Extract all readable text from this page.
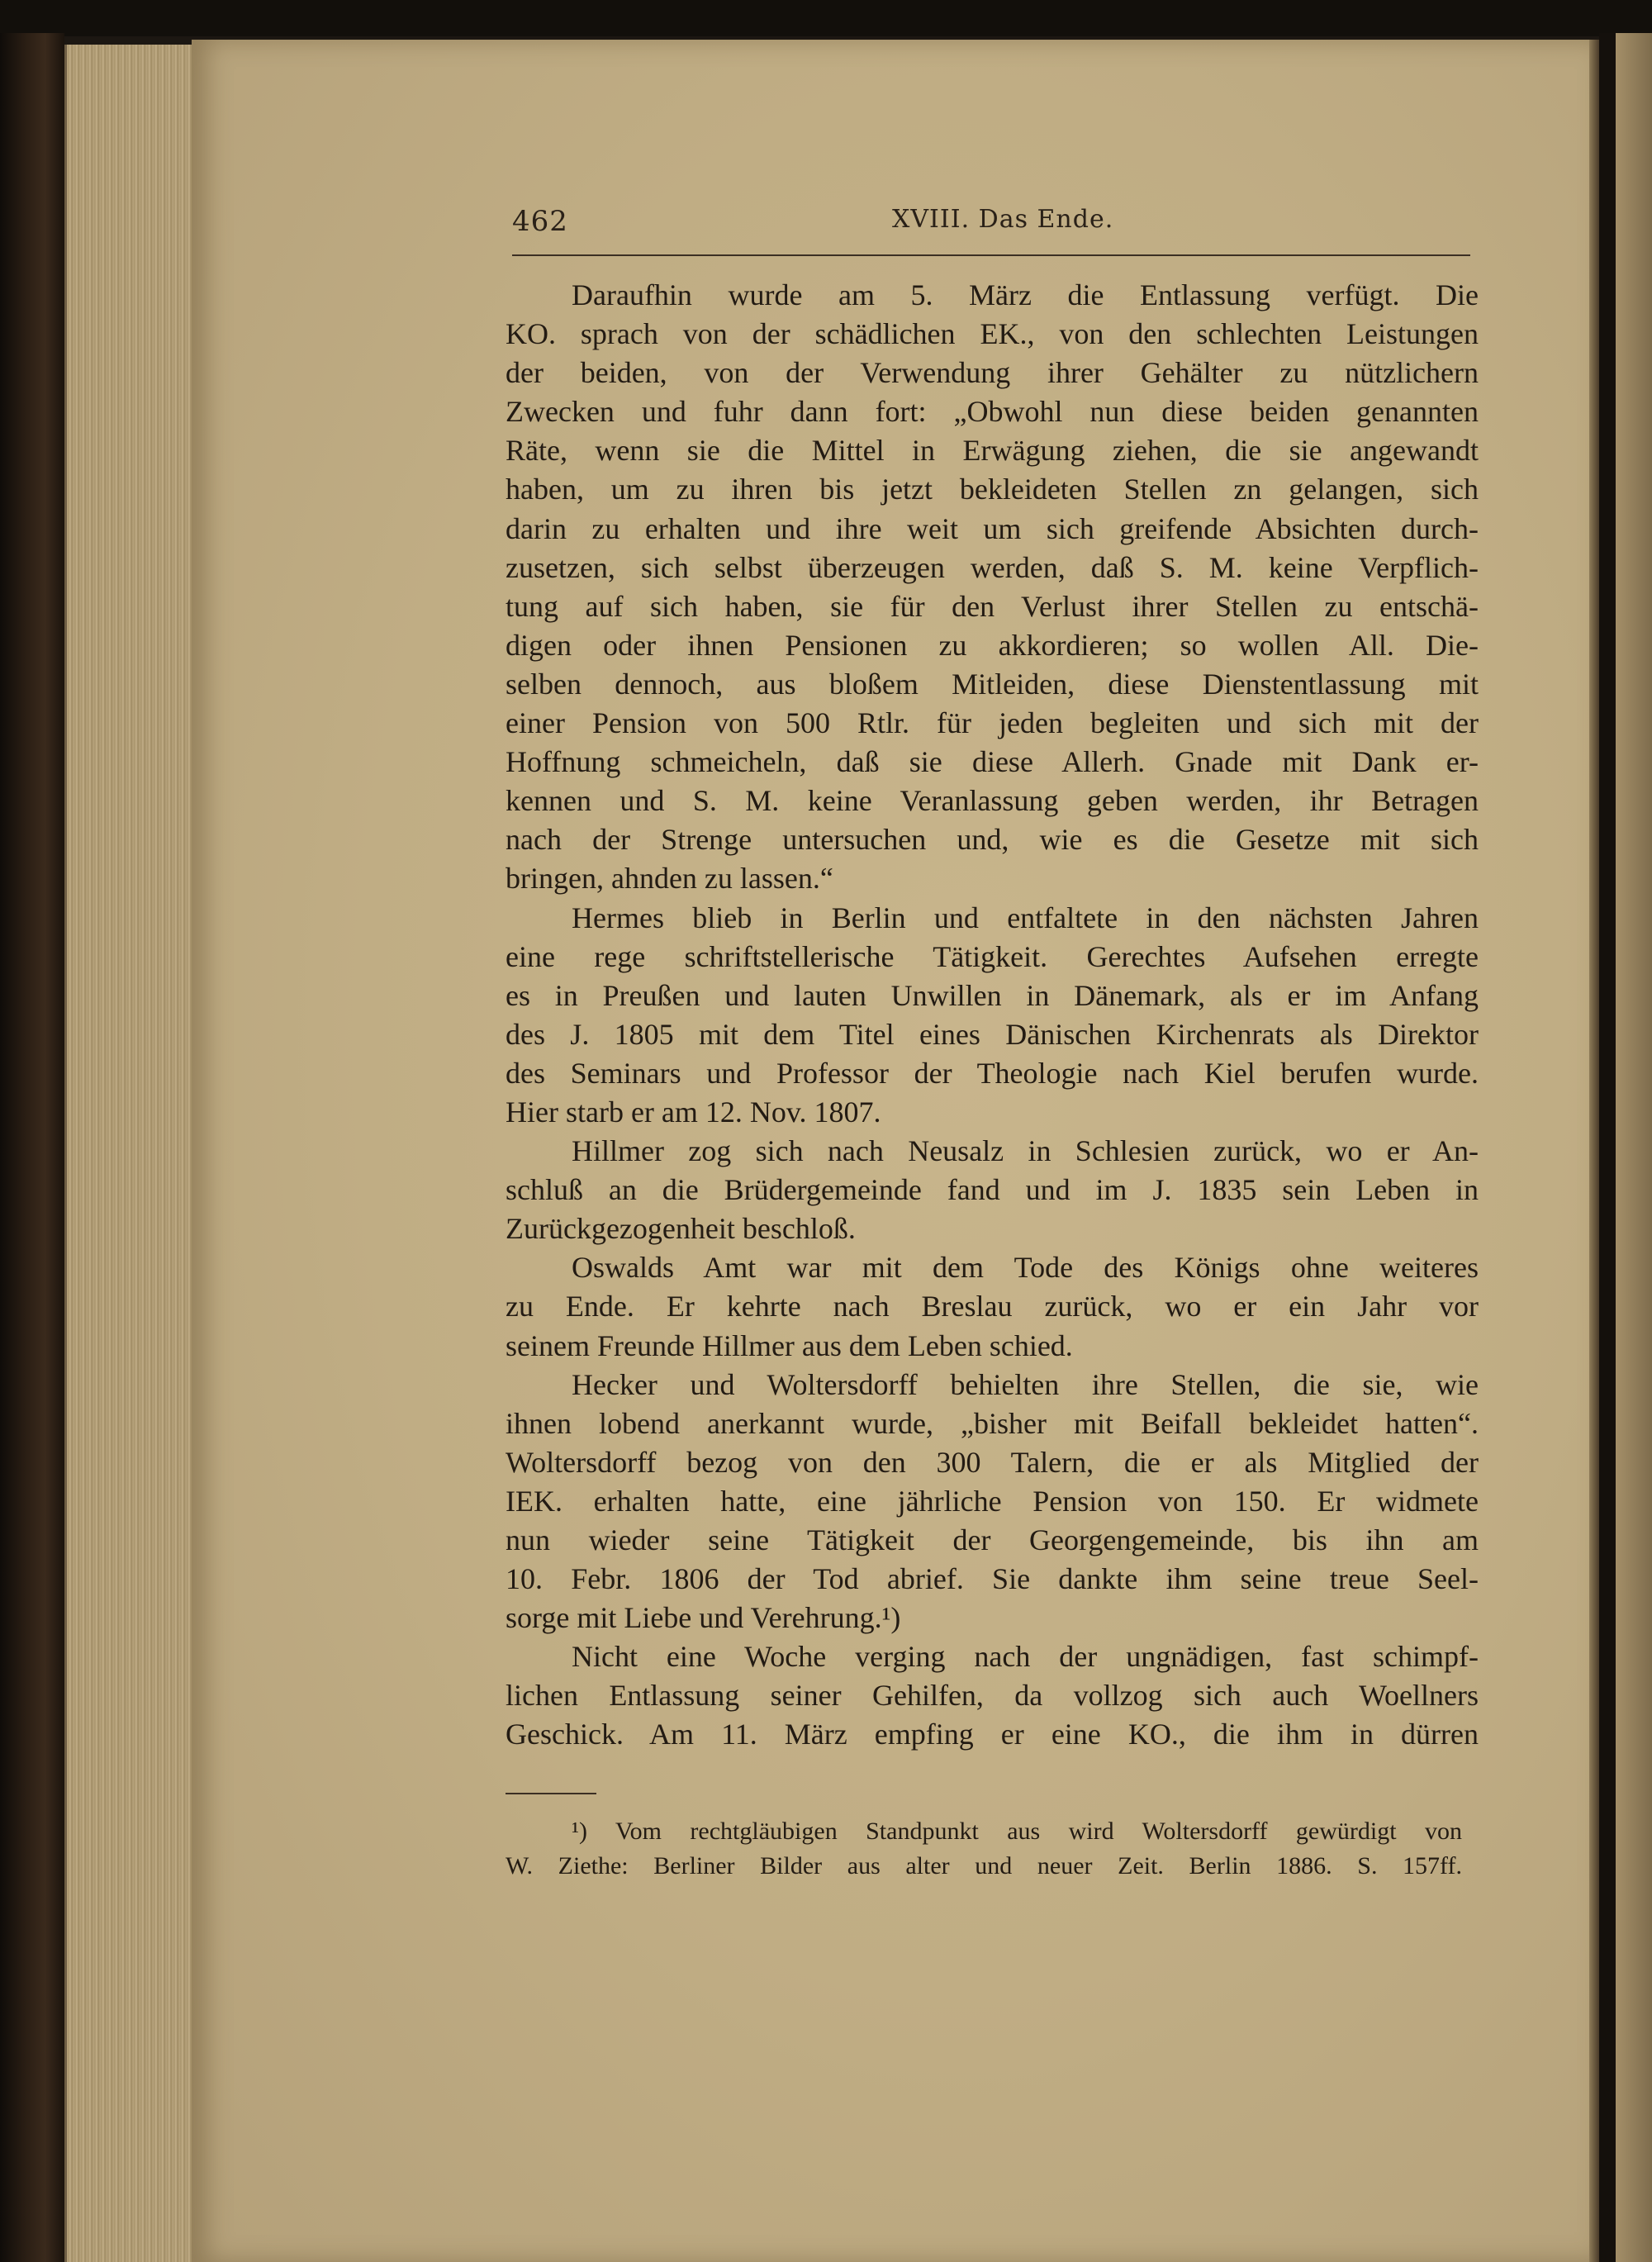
462	XVIII. Das Ende.
Daraufhin wurde am 5. März die Entlassung verfügt. Die
KO. sprach von der schädlichen EK., von den schlechten Leistungen
der beiden, von der Verwendung ihrer Gehälter zu nützlichern
Zwecken und fuhr dann fort: „Obwohl nun diese beiden genannten
Räte, wenn sie die Mittel in Erwägung ziehen, die sie angewandt
haben, um zu ihren bis jetzt bekleideten Stellen zn gelangen, sich
darin zu erhalten und ihre weit um sich greifende Absichten durch-
zusetzen, sich selbst überzeugen werden, daß S. M. keine Verpflich-
tung auf sich haben, sie für den Verlust ihrer Stellen zu entschä-
digen oder ihnen Pensionen zu akkordieren; so wollen All. Die-
selben dennoch, aus bloßem Mitleiden, diese Dienstentlassung mit
einer Pension von 500 Rtlr. für jeden begleiten und sich mit der
Hoffnung schmeicheln, daß sie diese Allerh. Gnade mit Dank er-
kennen und S. M. keine Veranlassung geben werden, ihr Betragen
nach der Strenge untersuchen und, wie es die Gesetze mit sich
bringen, ahnden zu lassen.“
Hermes blieb in Berlin und entfaltete in den nächsten Jahren
eine rege schriftstellerische Tätigkeit. Gerechtes Aufsehen erregte
es in Preußen und lauten Unwillen in Dänemark, als er im Anfang
des J. 1805 mit dem Titel eines Dänischen Kirchenrats als Direktor
des Seminars und Professor der Theologie nach Kiel berufen wurde.
Hier starb er am 12. Nov. 1807.
Hillmer zog sich nach Neusalz in Schlesien zurück, wo er An-
schluß an die Brüdergemeinde fand und im J. 1835 sein Leben in
Zurückgezogenheit beschloß.
Oswalds Amt war mit dem Tode des Königs ohne weiteres
zu Ende. Er kehrte nach Breslau zurück, wo er ein Jahr vor
seinem Freunde Hillmer aus dem Leben schied.
Hecker und Woltersdorff behielten ihre Stellen, die sie, wie
ihnen lobend anerkannt wurde, „bisher mit Beifall bekleidet hatten“.
Woltersdorff bezog von den 300 Talern, die er als Mitglied der
IEK. erhalten hatte, eine jährliche Pension von 150. Er widmete
nun wieder seine Tätigkeit der Georgengemeinde, bis ihn am
10. Febr. 1806 der Tod abrief. Sie dankte ihm seine treue Seel-
sorge mit Liebe und Verehrung.¹)
Nicht eine Woche verging nach der ungnädigen, fast schimpf-
lichen Entlassung seiner Gehilfen, da vollzog sich auch Woellners
Geschick. Am 11. März empfing er eine KO., die ihm in dürren
¹) Vom rechtgläubigen Standpunkt aus wird Woltersdorff gewürdigt von
W. Ziethe: Berliner Bilder aus alter und neuer Zeit. Berlin 1886. S. 157ff.
